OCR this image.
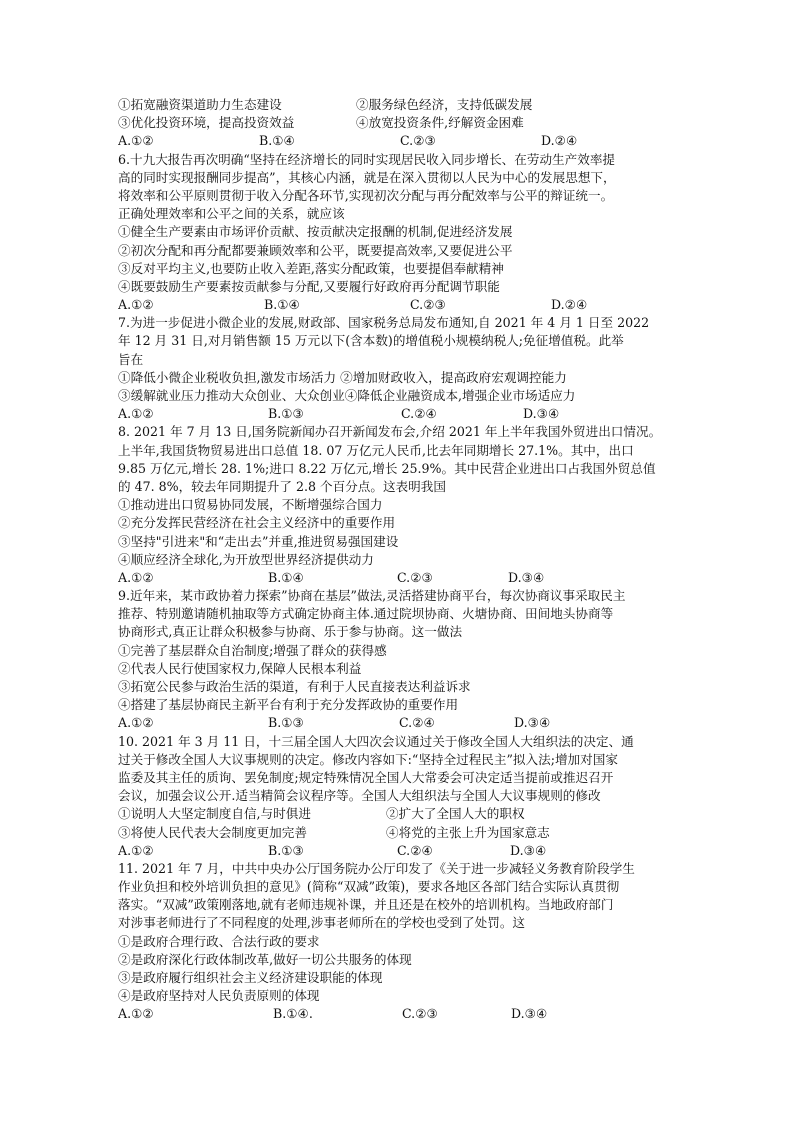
①拓宽融资渠道助力生态建设	②服务绿色经济，支持低碳发展
③优化投资环境，提高投资效益	④放宽投资条件,纾解资金困难
A.①②	B.①④	C.②③	D.②④
6.十九大报告再次明确“坚持在经济增长的同时实现居民收入同步增长、在劳动生产效率提
高的同时实现报酬同步提高”，其核心内涵，就是在深入贯彻以人民为中心的发展思想下，
将效率和公平原则贯彻于收入分配各环节,实现初次分配与再分配效率与公平的辩证统一。
正确处理效率和公平之间的关系，就应该
①健全生产要素由市场评价贡献、按贡献决定报酬的机制,促进经济发展
②初次分配和再分配都要兼顾效率和公平，既要提高效率,又要促进公平
③反对平均主义,也要防止收入差距,落实分配政策，也要提倡奉献精神
④既要鼓励生产要素按贡献参与分配,又要履行好政府再分配调节职能
A.①②	B.①④	C.②③	D.②④
7.为进一步促进小微企业的发展,财政部、国家税务总局发布通知,自 2021 年 4 月 1 日至 2022
年 12 月 31 日,对月销售额 15 万元以下(含本数)的增值税小规模纳税人;免征增值税。此举
旨在
①降低小微企业税收负担,激发市场活力 ②增加财政收入，提高政府宏观调控能力
③缓解就业压力推动大众创业、大众创业④降低企业融资成本,增强企业市场适应力
A.①②	B.①③	C.②④	D.③④
8. 2021 年 7 月 13 日,国务院新闻办召开新闻发布会,介绍 2021 年上半年我国外贸进出口情况。
上半年,我国货物贸易进出口总值 18. 07 万亿元人民币,比去年同期增长 27.1%。其中，出口
9.85 万亿元,增长 28. 1%;进口 8.22 万亿元,增长 25.9%。其中民营企业进出口占我国外贸总值
的 47. 8%，较去年同期提升了 2.8 个百分点。这表明我国
①推动进出口贸易协同发展，不断增强综合国力
②充分发挥民营经济在社会主义经济中的重要作用
③坚持"引进来"和“走出去”并重,推进贸易强国建设
④顺应经济全球化,为开放型世界经济提供动力
A.①②	B.①④	C.②③	D.③④
9.近年来，某市政协着力探索”协商在基层”做法,灵活搭建协商平台，每次协商议事采取民主
推荐、特别邀请随机抽取等方式确定协商主体.通过院坝协商、火塘协商、田间地头协商等
协商形式,真正让群众积极参与协商、乐于参与协商。这一做法
①完善了基层群众自治制度;增强了群众的获得感
②代表人民行使国家权力,保障人民根本利益
③拓宽公民参与政治生活的渠道，有利于人民直接表达利益诉求
④搭建了基层协商民主新平台有利于充分发挥政协的重要作用
A.①②	B.①③	C.②④	D.③④
10. 2021 年 3 月 11 日，十三届全国人大四次会议通过关于修改全国人大组织法的决定、通
过关于修改全国人大议事规则的决定。修改内容如下:“坚持全过程民主”拟入法;增加对国家
监委及其主任的质询、罢免制度;规定特殊情况全国人大常委会可决定适当提前或推迟召开
会议，加强会议公开.适当精简会议程序等。全国人大组织法与全国人大议事规则的修改
①说明人大坚定制度自信,与时俱进	②扩大了全国人大的职权
③将使人民代表大会制度更加完善	④将党的主张上升为国家意志
A.①②	B.①③	C.②④	D.③④
11. 2021 年 7 月，中共中央办公厅国务院办公厅印发了《关于进一步减轻义务教育阶段学生
作业负担和校外培训负担的意见》(简称“双减”政策)，要求各地区各部门结合实际认真贯彻
落实。“双减”政策刚落地,就有老师违规补课，并且还是在校外的培训机构。当地政府部门
对涉事老师进行了不同程度的处理,涉事老师所在的学校也受到了处罚。这
①是政府合理行政、合法行政的要求
②是政府深化行政体制改革,做好一切公共服务的体现
③是政府履行组织社会主义经济建设职能的体现
④是政府坚持对人民负责原则的体现
A.①②	B.①④.	C.②③	D.③④
